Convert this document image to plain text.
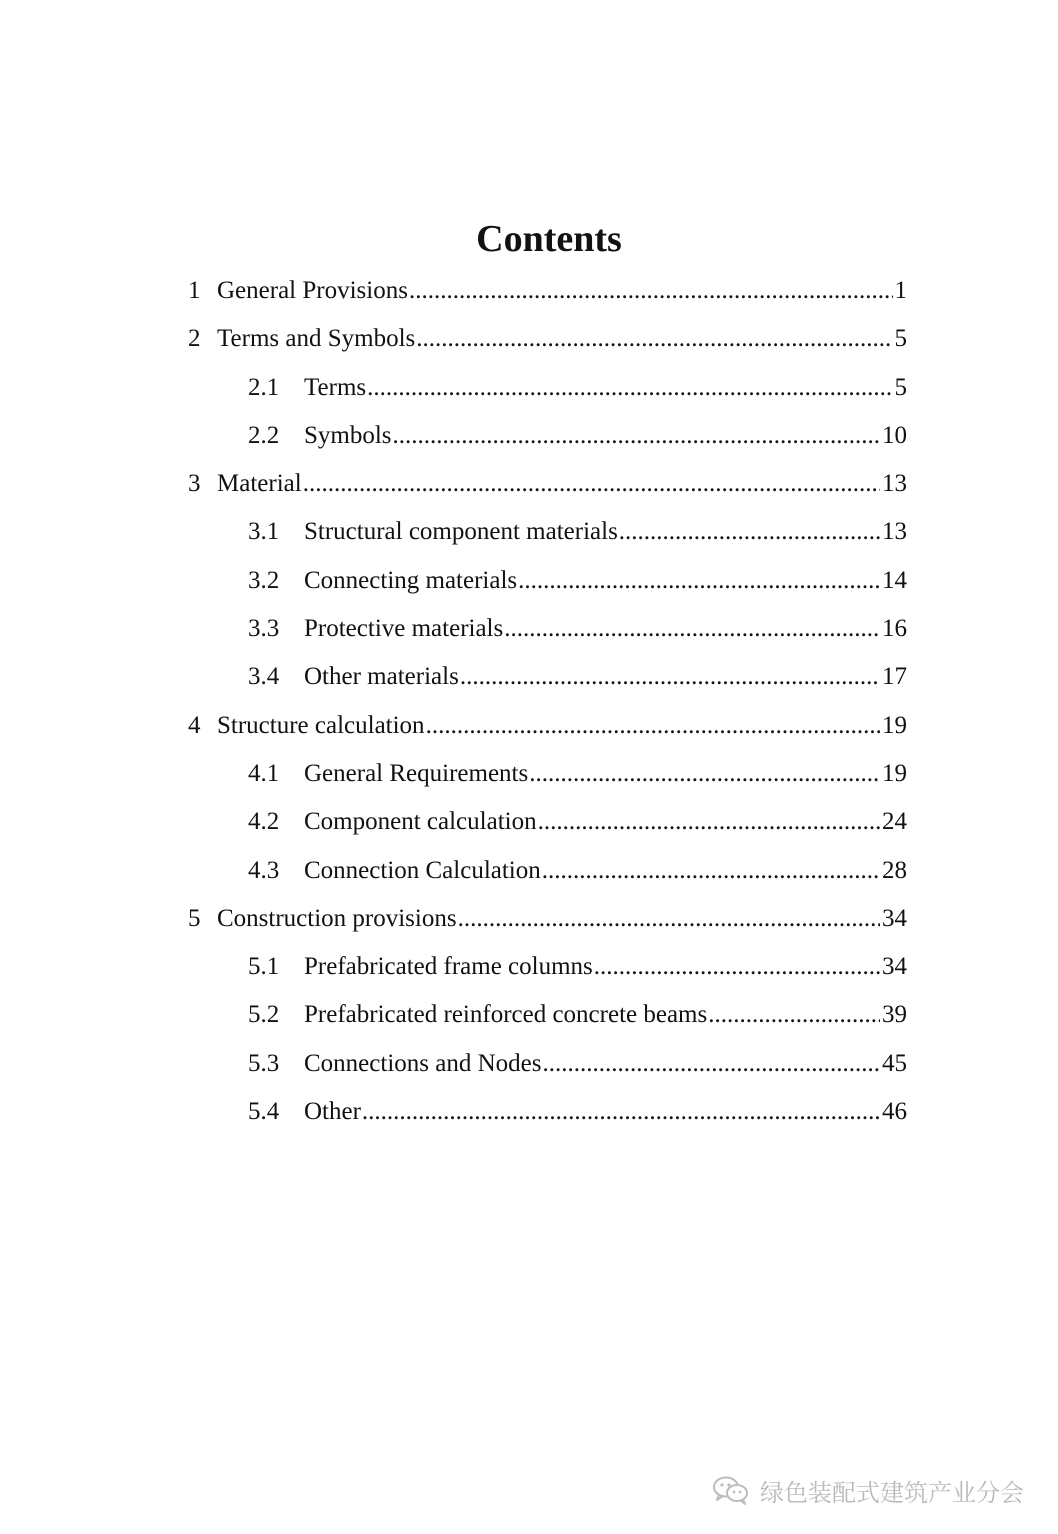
Contents
1 General Provisions .....	1
2 Terms and Symbols .....	5
2.1 Terms .....	5
2.2 Symbols .....	10
3 Material .....	13
3.1 Structural component materials .....	13
3.2 Connecting materials .....	14
3.3 Protective materials .....	16
3.4 Other materials .....	17
4 Structure calculation .....	19
4.1 General Requirements .....	19
4.2 Component calculation .....	24
4.3 Connection Calculation .....	28
5 Construction provisions .....	34
5.1 Prefabricated frame columns .....	34
5.2 Prefabricated reinforced concrete beams .....	39
5.3 Connections and Nodes .....	45
5.4 Other .....	46
绿色装配式建筑产业分会
